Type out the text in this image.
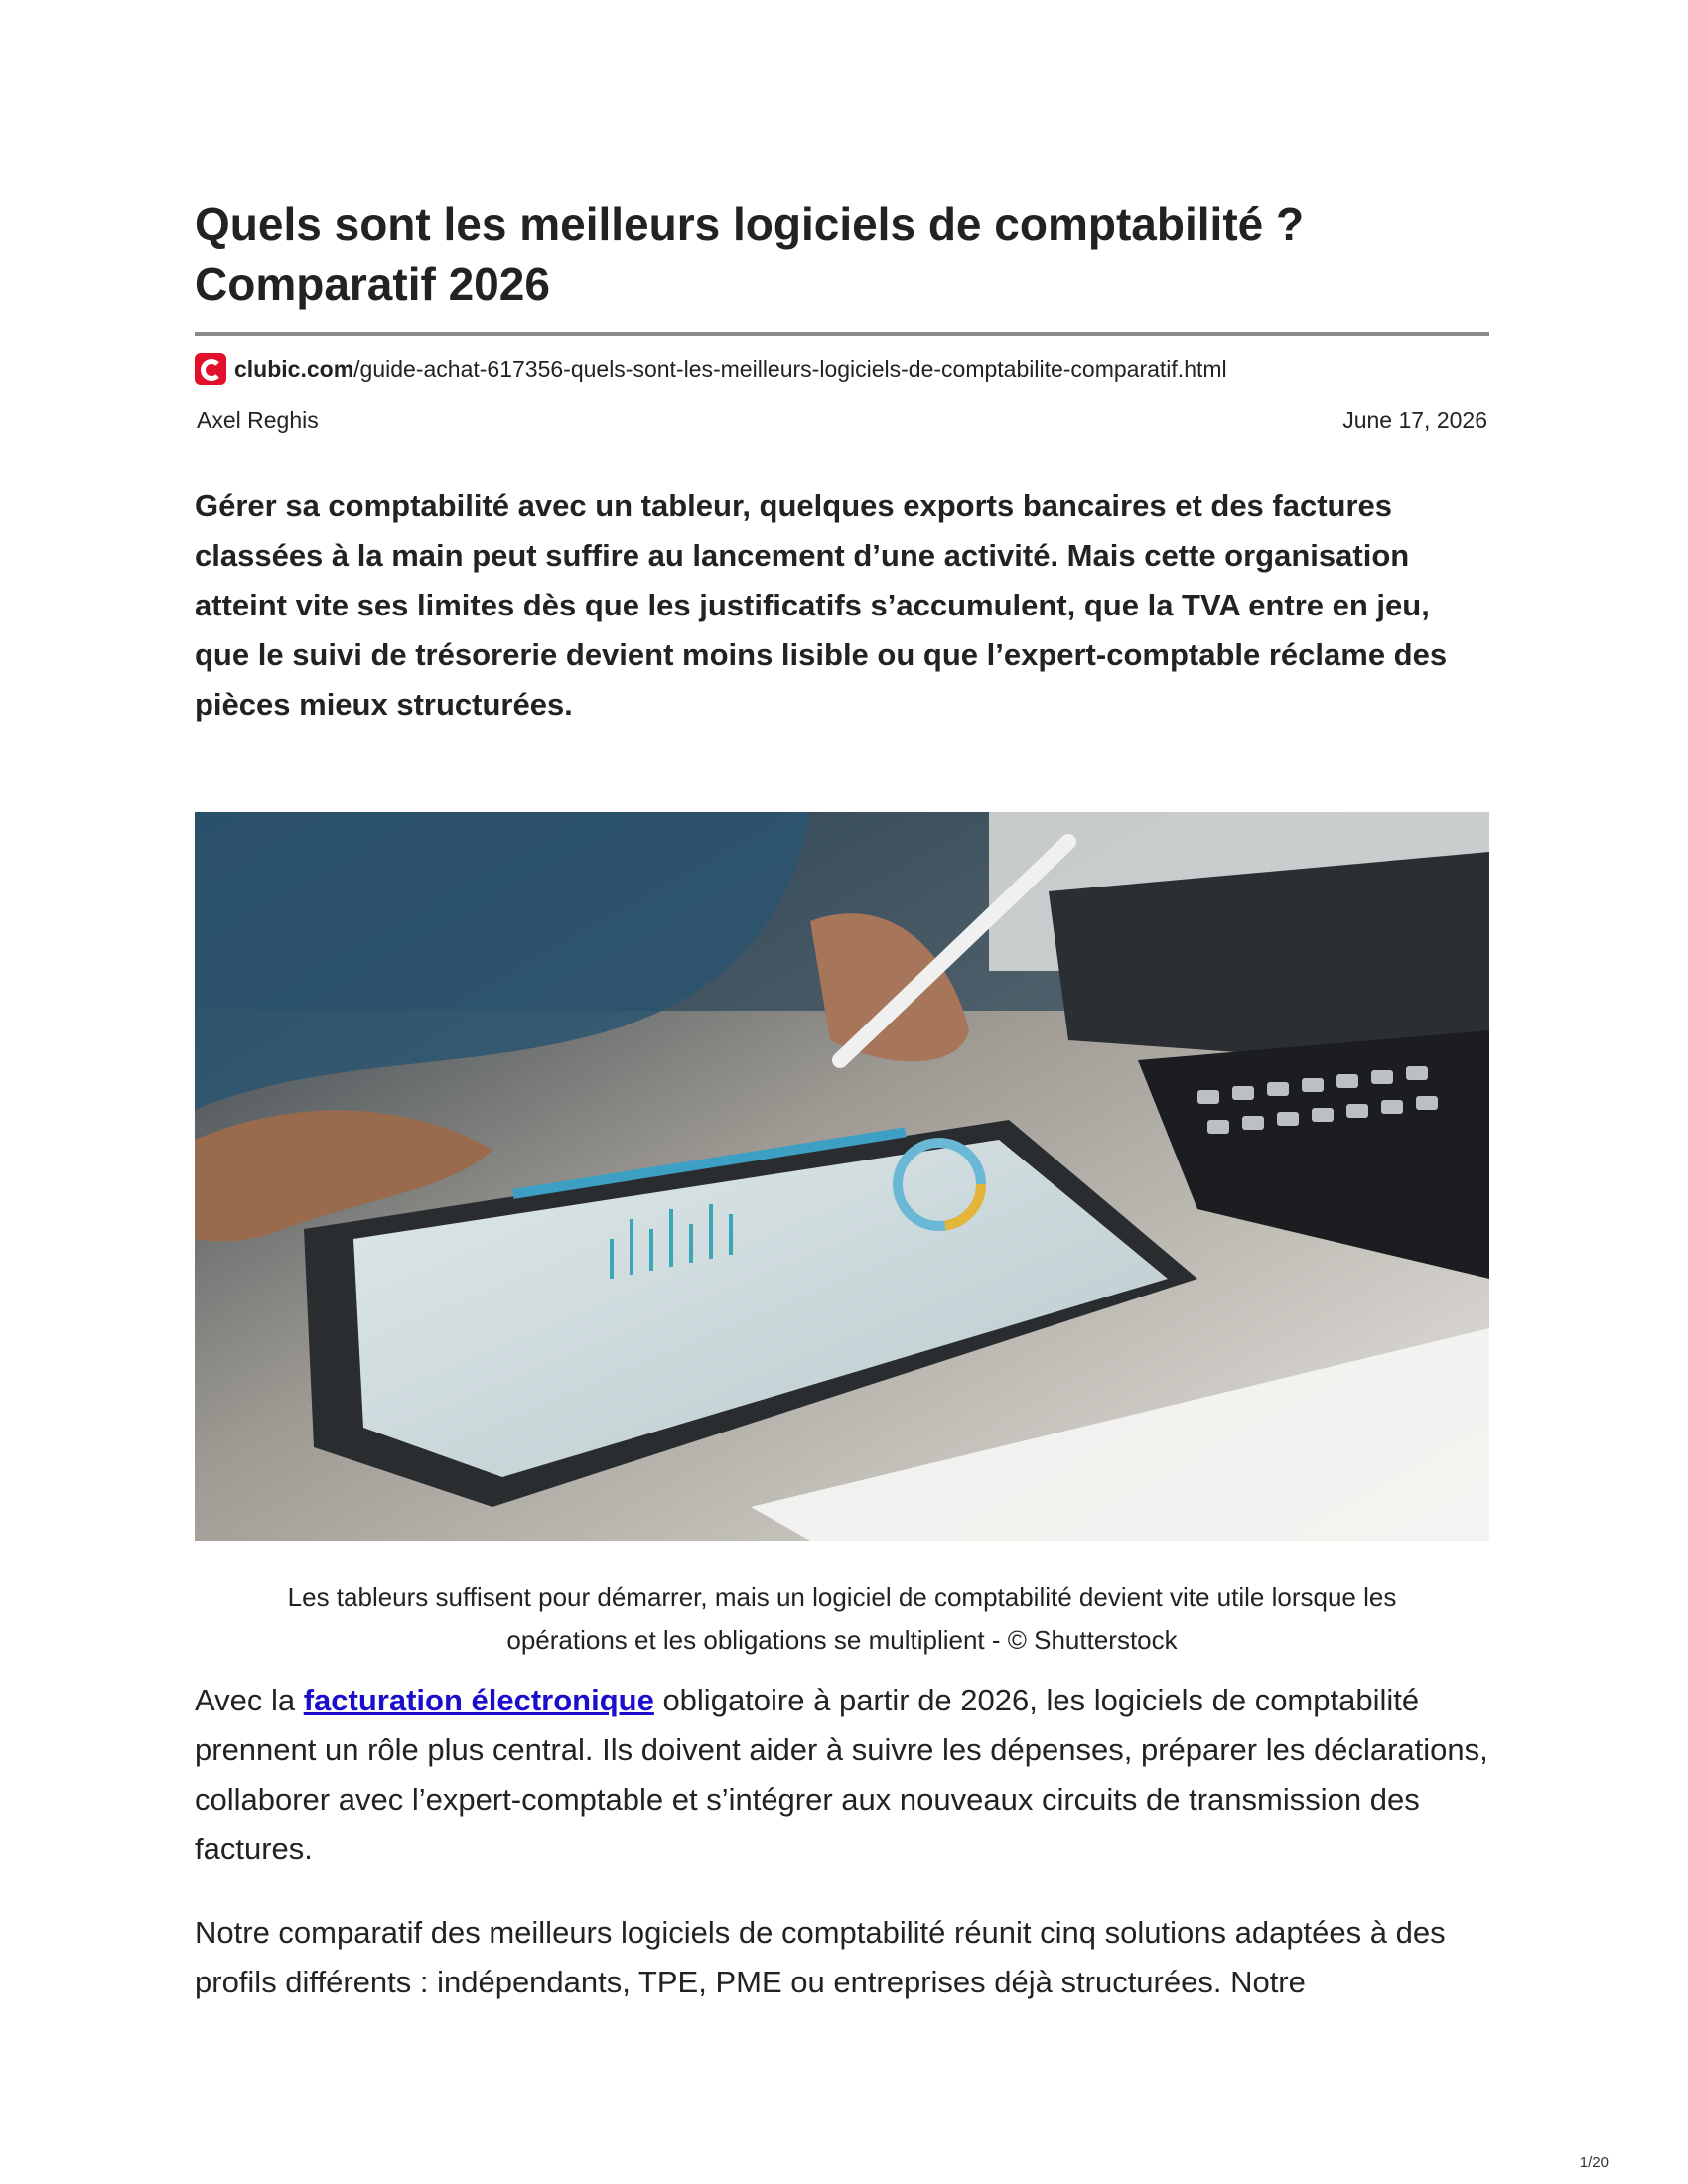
Quels sont les meilleurs logiciels de comptabilité ?
Comparatif 2026
clubic.com/guide-achat-617356-quels-sont-les-meilleurs-logiciels-de-comptabilite-comparatif.html
Axel Reghis	June 17, 2026

Gérer sa comptabilité avec un tableur, quelques exports bancaires et des factures classées à la main peut suffire au lancement d’une activité. Mais cette organisation atteint vite ses limites dès que les justificatifs s’accumulent, que la TVA entre en jeu, que le suivi de trésorerie devient moins lisible ou que l’expert-comptable réclame des pièces mieux structurées.

Les tableurs suffisent pour démarrer, mais un logiciel de comptabilité devient vite utile lorsque les
opérations et les obligations se multiplient - © Shutterstock

Avec la facturation électronique obligatoire à partir de 2026, les logiciels de comptabilité prennent un rôle plus central. Ils doivent aider à suivre les dépenses, préparer les déclarations, collaborer avec l’expert-comptable et s’intégrer aux nouveaux circuits de transmission des factures.

Notre comparatif des meilleurs logiciels de comptabilité réunit cinq solutions adaptées à des profils différents : indépendants, TPE, PME ou entreprises déjà structurées. Notre

1/20
